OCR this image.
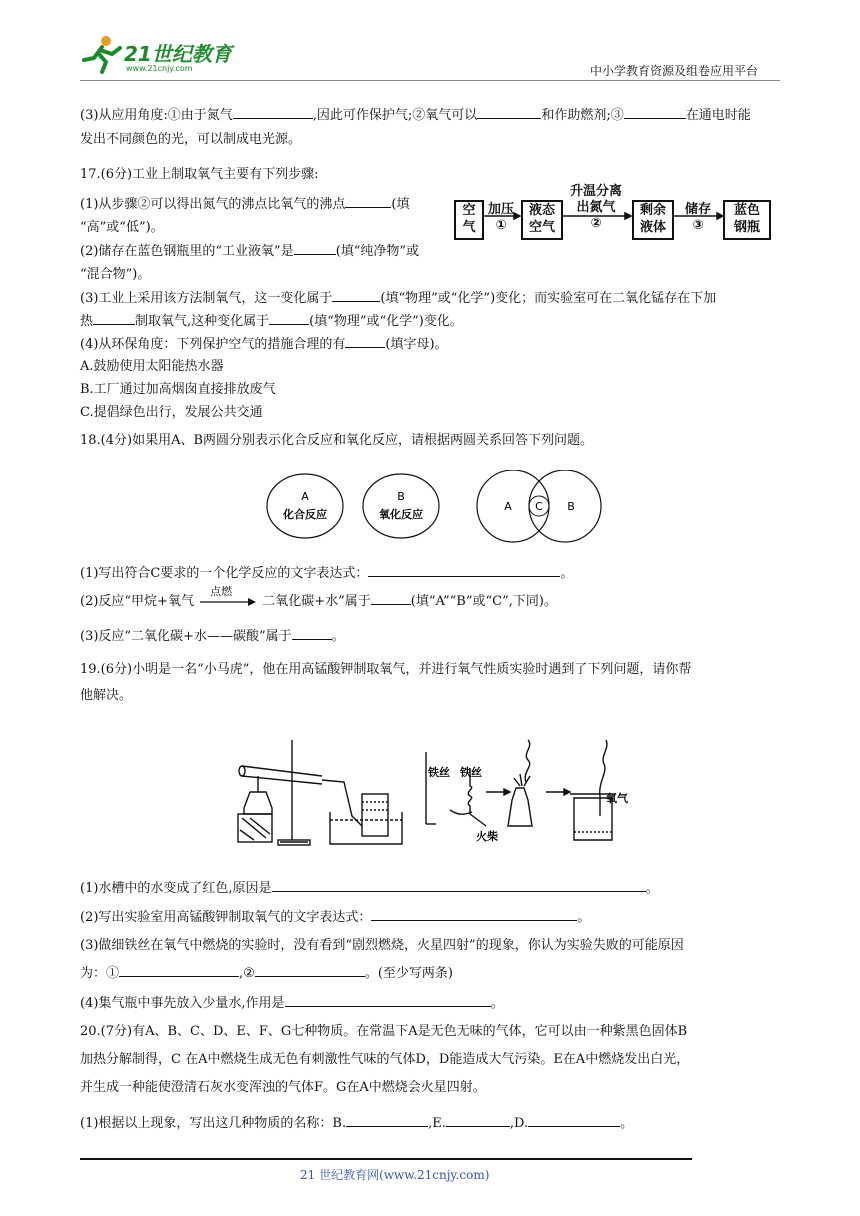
21世纪教育
www.21cnjy.com	中小学教育资源及组卷应用平台
(3)从应用角度:①由于氮气	,因此可作保护气;②氧气可以	和作助燃剂;③	在通电时能
发出不同颜色的光，可以制成电光源。
17.(6分)工业上制取氧气主要有下列步骤:
(1)从步骤②可以得出氮气的沸点比氧气的沸点	(填
“高”或“低”)。
(2)储存在蓝色钢瓶里的“工业液氧”是	(填“纯净物”或
“混合物”)。
(3)工业上采用该方法制氧气，这一变化属于	(填“物理”或“化学”)变化；而实验室可在二氧化锰存在下加
热	制取氧气,这种变化属于	(填“物理”或“化学”)变化。
(4)从环保角度：下列保护空气的措施合理的有	(填字母)。
A.鼓励使用太阳能热水器
B.工厂通过加高烟囱直接排放废气
C.提倡绿色出行，发展公共交通
空
气
加压
①
液态
空气
升温分离
出氮气
②
剩余
液体
储存
③
蓝色
钢瓶
18.(4分)如果用A、B两圆分别表示化合反应和氧化反应，请根据两圆关系回答下列问题。
A
化合反应
B
氧化反应
A C B
(1)写出符合C要求的一个化学反应的文字表达式：	。
(2)反应“甲烷+氧气
点燃
二氧化碳+水”属于	(填“A”“B”或“C”,下同)。
(3)反应“二氧化碳+水——碳酸”属于	。
19.(6分)小明是一名“小马虎”，他在用高锰酸钾制取氧气，并进行氧气性质实验时遇到了下列问题，请你帮
他解决。
铁丝 铁丝
火柴
氧气
(1)水槽中的水变成了红色,原因是	。
(2)写出实验室用高锰酸钾制取氧气的文字表达式：	。
(3)做细铁丝在氧气中燃烧的实验时，没有看到“剧烈燃烧，火星四射”的现象，你认为实验失败的可能原因
为：①	,②	。(至少写两条)
(4)集气瓶中事先放入少量水,作用是	。
20.(7分)有A、B、C、D、E、F、G七种物质。在常温下A是无色无味的气体，它可以由一种紫黑色固体B
加热分解制得，C 在A中燃烧生成无色有刺激性气味的气体D，D能造成大气污染。E在A中燃烧发出白光，
并生成一种能使澄清石灰水变浑浊的气体F。G在A中燃烧会火星四射。
(1)根据以上现象，写出这几种物质的名称：B.	,E.	,D.	。
21 世纪教育网(www.21cnjy.com)
